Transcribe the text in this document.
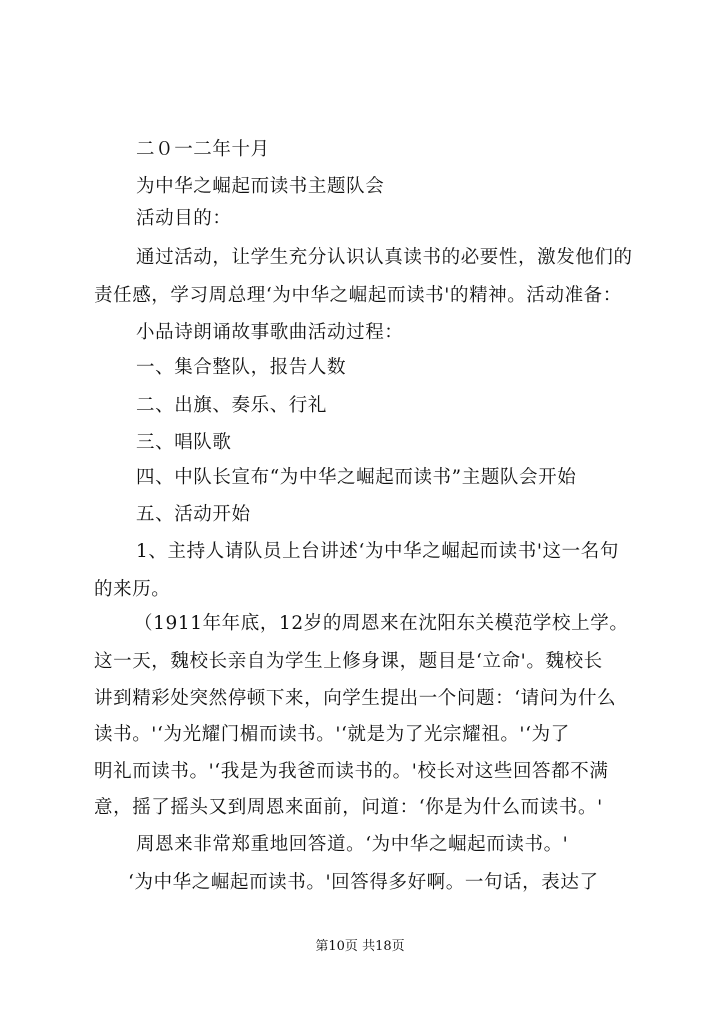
二０一二年十月
为中华之崛起而读书主题队会
活动目的：
通过活动，让学生充分认识认真读书的必要性，激发他们的
责任感，学习周总理‘为中华之崛起而读书'的精神。活动准备：
小品诗朗诵故事歌曲活动过程：
一、集合整队，报告人数
二、出旗、奏乐、行礼
三、唱队歌
四、中队长宣布“为中华之崛起而读书”主题队会开始
五、活动开始
1、主持人请队员上台讲述‘为中华之崛起而读书'这一名句
的来历。
（1911年年底，12岁的周恩来在沈阳东关模范学校上学。
这一天，魏校长亲自为学生上修身课，题目是‘立命'。魏校长
讲到精彩处突然停顿下来，向学生提出一个问题：‘请问为什么
读书。'‘为光耀门楣而读书。'‘就是为了光宗耀祖。'‘为了
明礼而读书。'‘我是为我爸而读书的。'校长对这些回答都不满
意，摇了摇头又到周恩来面前，问道：‘你是为什么而读书。'
周恩来非常郑重地回答道。‘为中华之崛起而读书。'
‘为中华之崛起而读书。'回答得多好啊。一句话，表达了
第10页 共18页
